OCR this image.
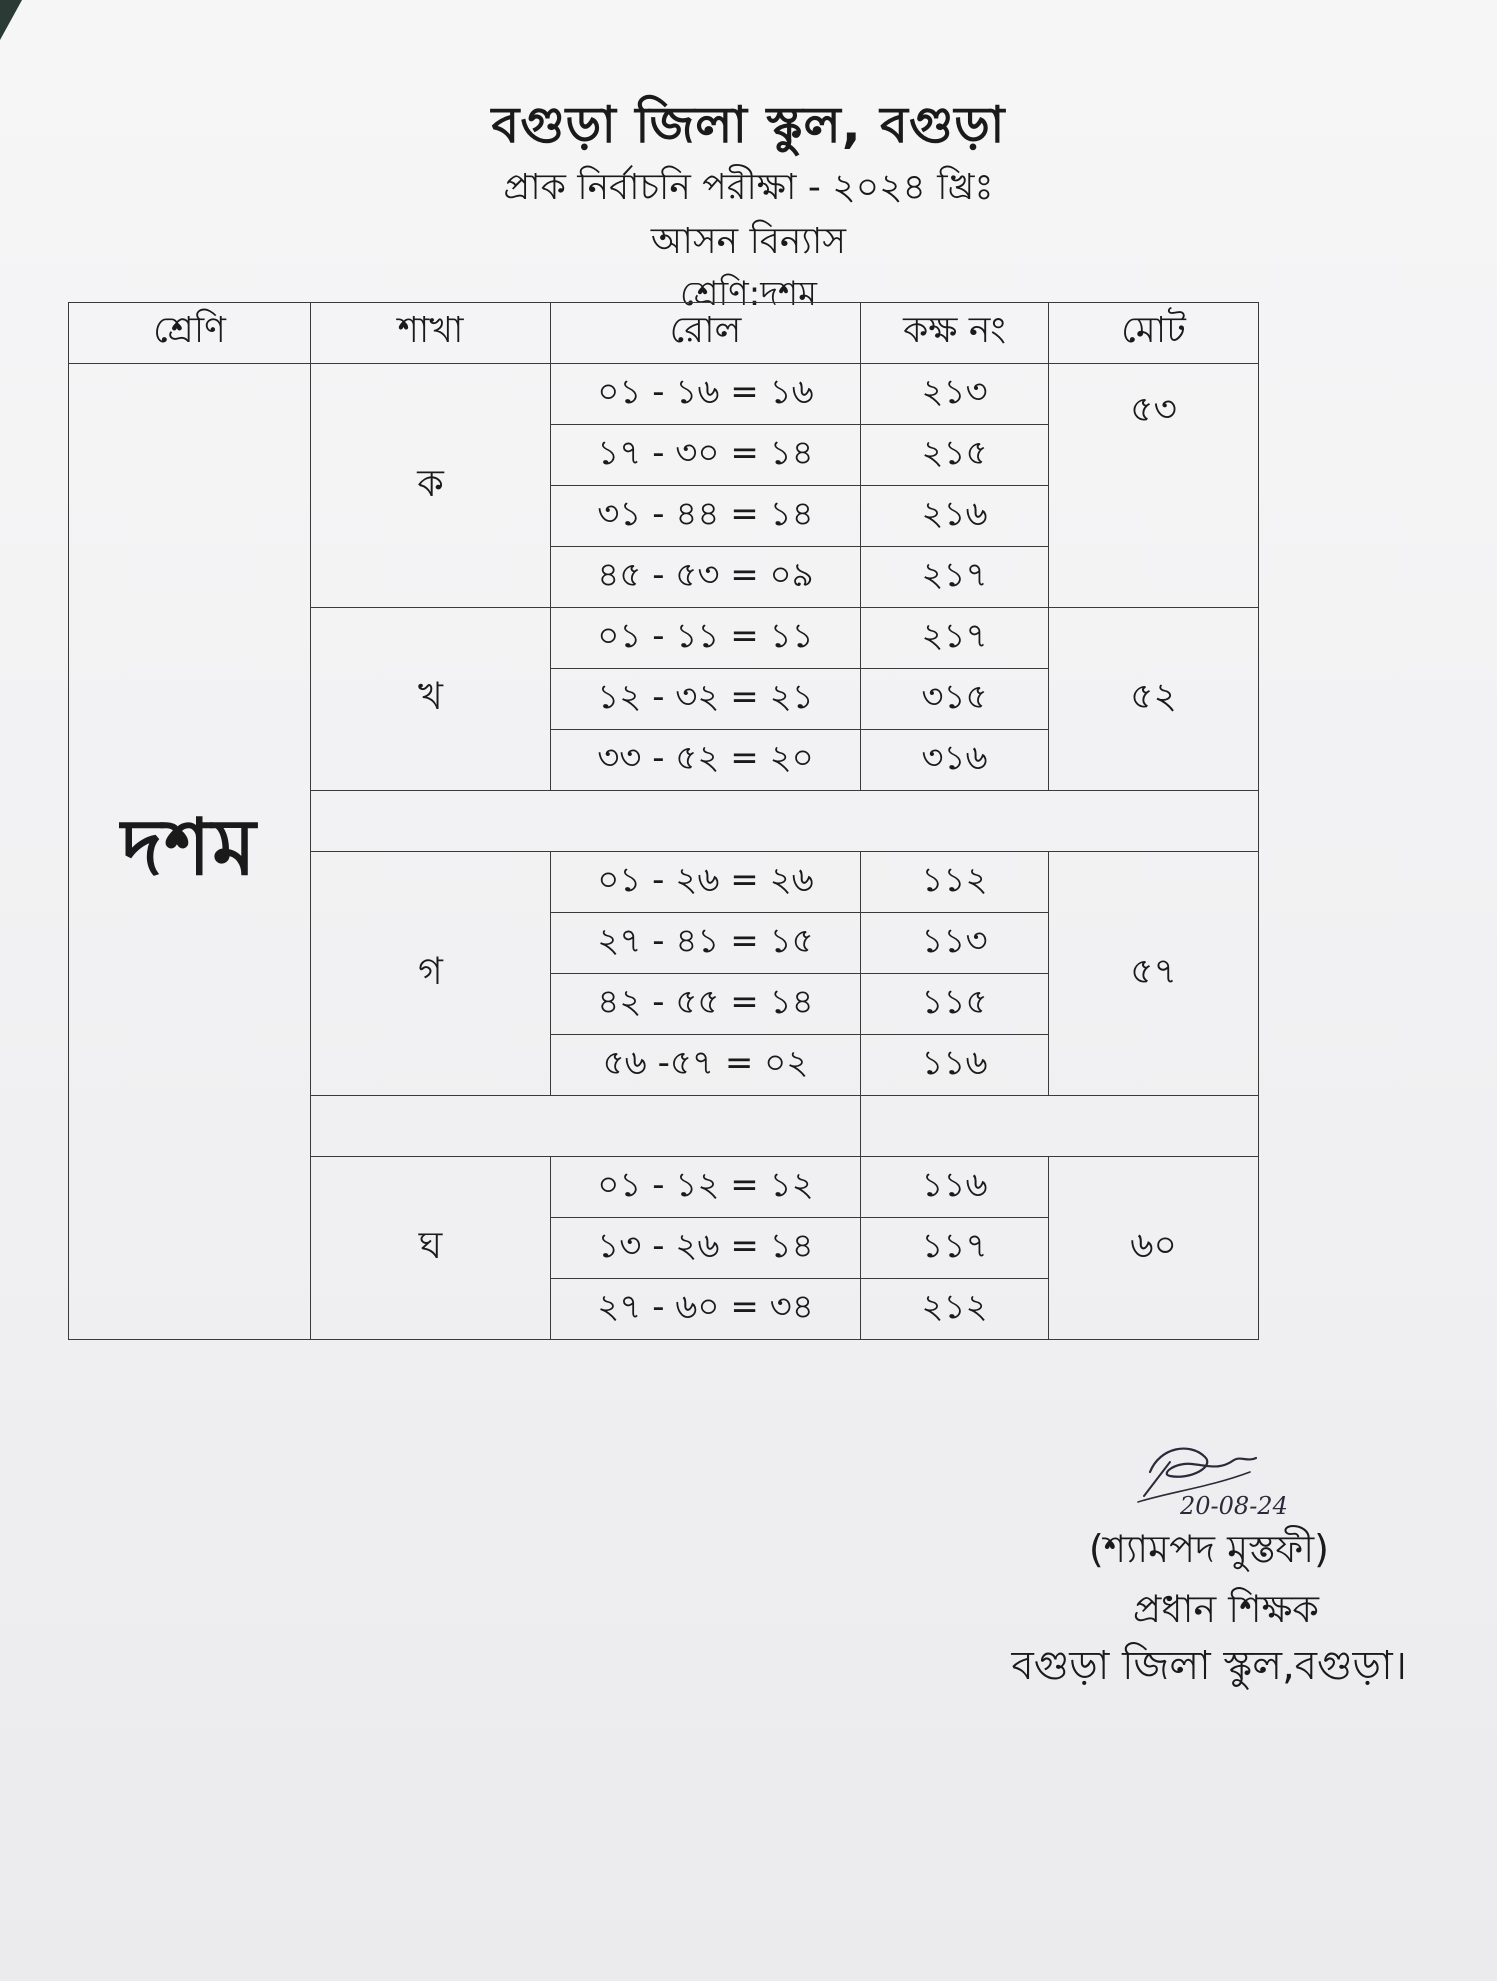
বগুড়া জিলা স্কুল, বগুড়া
প্রাক নির্বাচনি পরীক্ষা - ২০২৪ খ্রিঃ
আসন বিন্যাস
শ্রেণি:দশম
শ্রেণি	শাখা	রোল	কক্ষ নং	মোট
দশম	ক	০১ - ১৬ = ১৬	২১৩	৫৩
		১৭ - ৩০ = ১৪	২১৫	
		৩১ - ৪৪ = ১৪	২১৬	
		৪৫ - ৫৩ = ০৯	২১৭	
	খ	০১ - ১১ = ১১	২১৭	৫২
		১২ - ৩২ = ২১	৩১৫	
		৩৩ - ৫২ = ২০	৩১৬	

	গ	০১ - ২৬ = ২৬	১১২	৫৭
		২৭ - ৪১ = ১৫	১১৩	
		৪২ - ৫৫ = ১৪	১১৫	
		৫৬ -৫৭ = ০২	১১৬	

	ঘ	০১ - ১২ = ১২	১১৬	৬০
		১৩ - ২৬ = ১৪	১১৭	
		২৭ - ৬০ = ৩৪	২১২	
20-08-24
(শ্যামপদ মুস্তফী)
প্রধান শিক্ষক
বগুড়া জিলা স্কুল,বগুড়া।
